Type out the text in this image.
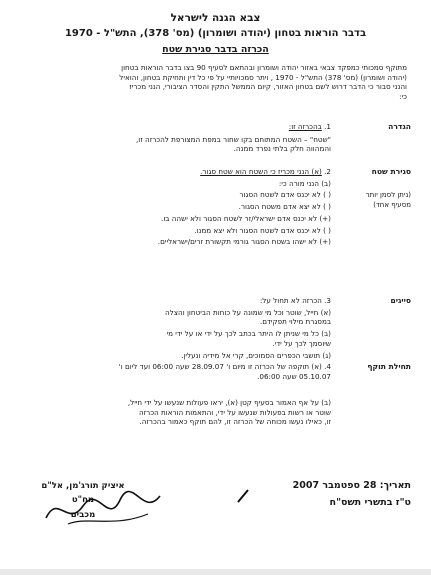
צבא הגנה לישראל
בדבר הוראות בטחון (יהודה ושומרון) (מס' 378), התש"ל - 1970
הכרזה בדבר סגירת שטח
מתוקף סמכותי כמפקד צבאי באזור יהודה ושומרון ובהתאם לסעיף 90 בצו בדבר הוראות בטחון
(יהודה ושומרון) (מס' 378) התש"ל - 1970 , ויתר סמכויותיי על פי כל דין ותחיקת בטחון, והואיל
והנני סבור כי הדבר דרוש לשם בטחון האזור, קיום הממשל התקין והסדר הציבורי, הנני מכריז
כי:
הגדרה
1. בהכרזה זו:
"שטח" – השטח המתוחם בקו שחור במפת המצורפת להכרזה זו,
והמהווה חלק בלתי נפרד ממנה.
סגירת שטח
(ניתן לסמן יותר
מסעיף אחד)
2. (א) הנני מכריז כי השטח הוא שטח סגור.
(ב) הנני מורה כי:
( ) לא יכנס אדם לשטח הסגור
( ) לא יצא אדם משטח הסגור.
(+) לא יכנס אדם ישראלי/זר לשטח הסגור ולא ישהה בו.
( ) לא יכנס אדם לשטח הסגור ולא יצא ממנו.
(+) לא ישהו בשטח הסגור גורמי תקשורת זרים/ישראליים.
סייגים
3. הכרזה לא תחול על:
(א) חייל, שוטר וכל מי שמונה על כוחות הביטחון והצלה
במסגרת מילוי תפקידם.
(ב) כל מי שניתן לו היתר בכתב לכך על ידי או על ידי מי
שיוסמך לכך על ידי.
(ג) תושבי הכפרים הסמוכים, קרי אל מידיה ונעלין.
תחילת תוקף
4. (א) תוקפה של הכרזה זו מיום ו' 28.09.07 שעה 06:00 ועד ליום ו'
05.10.07 שעה 06:00.
(ב) על אף האמור בסעיף קטן (א), יראו פעולות שנעשו על ידי חייל,
שוטר או רשות בפעולות שנעשו על ידי, והתאמות הוראות הכרזה
זו, כאילו נעשו מכוחה של הכרזה זו, להם תוקף כאמור בהכרזה.
תאריך: 28 ספטמבר 2007
ט"ז בתשרי תשס"ח
איציק תורג'מן, אל"ם
מח"ט
מכבים
